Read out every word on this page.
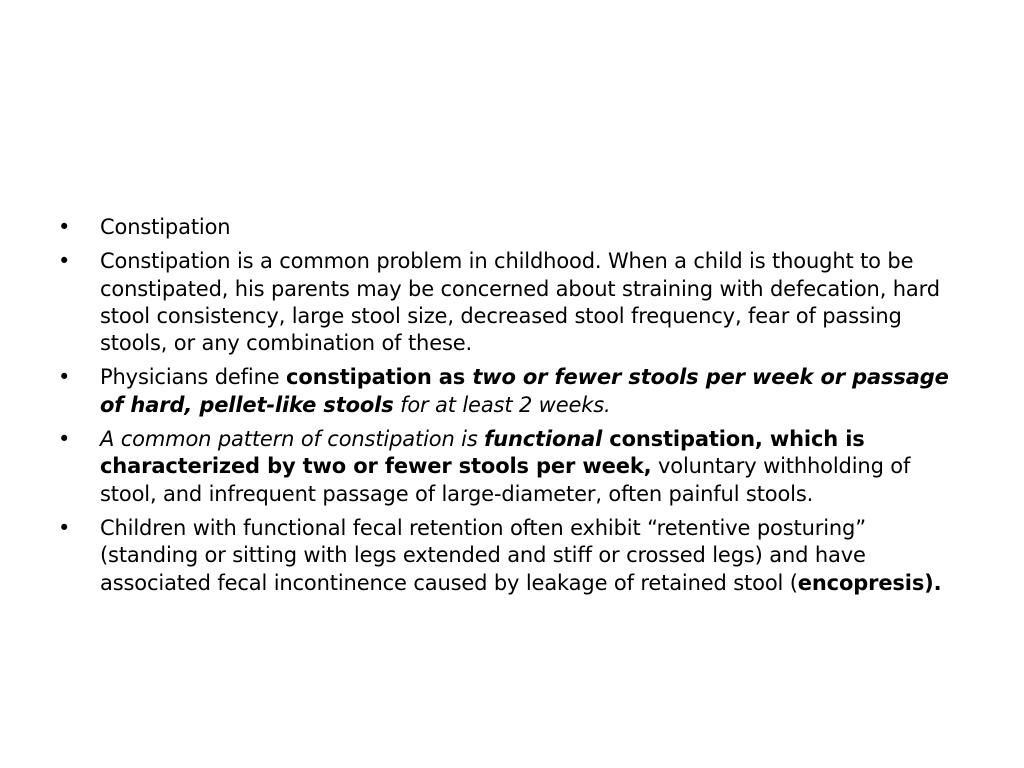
•	Constipation
•	Constipation is a common problem in childhood. When a child is thought to be constipated, his parents may be concerned about straining with defecation, hard stool consistency, large stool size, decreased stool frequency, fear of passing stools, or any combination of these.
•	Physicians define constipation as two or fewer stools per week or passage of hard, pellet-like stools for at least 2 weeks.
•	A common pattern of constipation is functional constipation, which is characterized by two or fewer stools per week, voluntary withholding of stool, and infrequent passage of large-diameter, often painful stools.
•	Children with functional fecal retention often exhibit “retentive posturing” (standing or sitting with legs extended and stiff or crossed legs) and have associated fecal incontinence caused by leakage of retained stool (encopresis).
